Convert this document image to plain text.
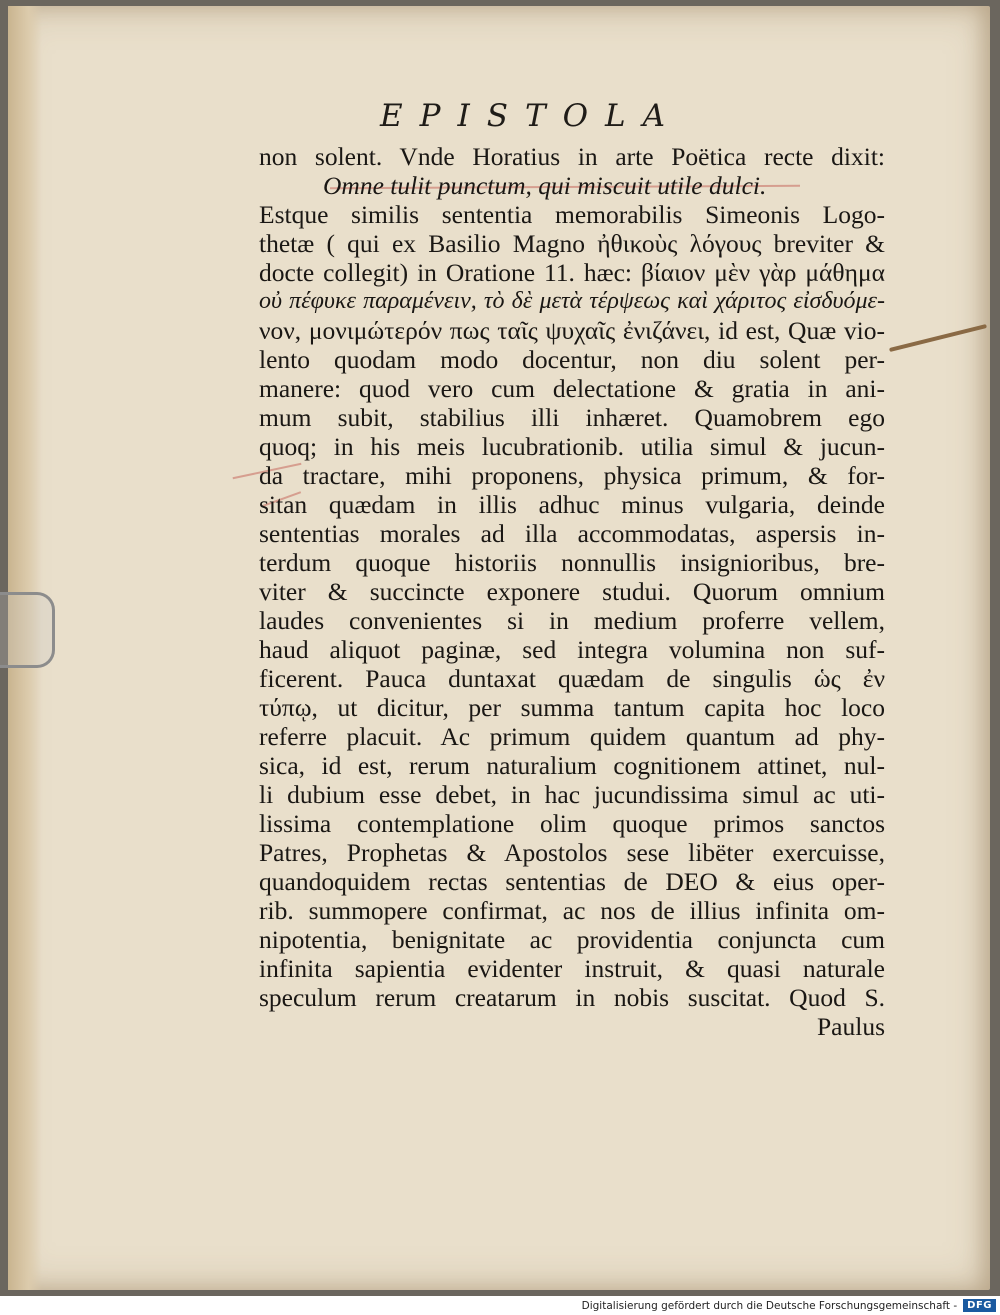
EPISTOLA
non solent. Vnde Horatius in arte Poëtica recte dixit:
Omne tulit punctum, qui miscuit utile dulci.
Estque similis sententia memorabilis Simeonis Logo-
thetæ ( qui ex Basilio Magno ἠθικοὺς λόγους breviter &
docte collegit) in Oratione 11. hæc: βίαιον μὲν γὰρ μάθημα
οὐ πέφυκε παραμένειν, τὸ δὲ μετὰ τέρψεως καὶ χάριτος εἰσδυόμε-
νον, μονιμώτερόν πως ταῖς ψυχαῖς ἐνιζάνει, id est, Quæ vio-
lento quodam modo docentur, non diu solent per-
manere: quod vero cum delectatione & gratia in ani-
mum subit, stabilius illi inhæret. Quamobrem ego
quoq; in his meis lucubrationib. utilia simul & jucun-
da tractare, mihi proponens, physica primum, & for-
sitan quædam in illis adhuc minus vulgaria, deinde
sententias morales ad illa accommodatas, aspersis in-
terdum quoque historiis nonnullis insignioribus, bre-
viter & succincte exponere studui. Quorum omnium
laudes convenientes si in medium proferre vellem,
haud aliquot paginæ, sed integra volumina non suf-
ficerent. Pauca duntaxat quædam de singulis ὡς ἐν
τύπῳ, ut dicitur, per summa tantum capita hoc loco
referre placuit. Ac primum quidem quantum ad phy-
sica, id est, rerum naturalium cognitionem attinet, nul-
li dubium esse debet, in hac jucundissima simul ac uti-
lissima contemplatione olim quoque primos sanctos
Patres, Prophetas & Apostolos sese libëter exercuisse,
quandoquidem rectas sententias de DEO & eius oper-
rib. summopere confirmat, ac nos de illius infinita om-
nipotentia, benignitate ac providentia conjuncta cum
infinita sapientia evidenter instruit, & quasi naturale
speculum rerum creatarum in nobis suscitat. Quod S.
Paulus
Digitalisierung gefördert durch die Deutsche Forschungsgemeinschaft -	DFG
